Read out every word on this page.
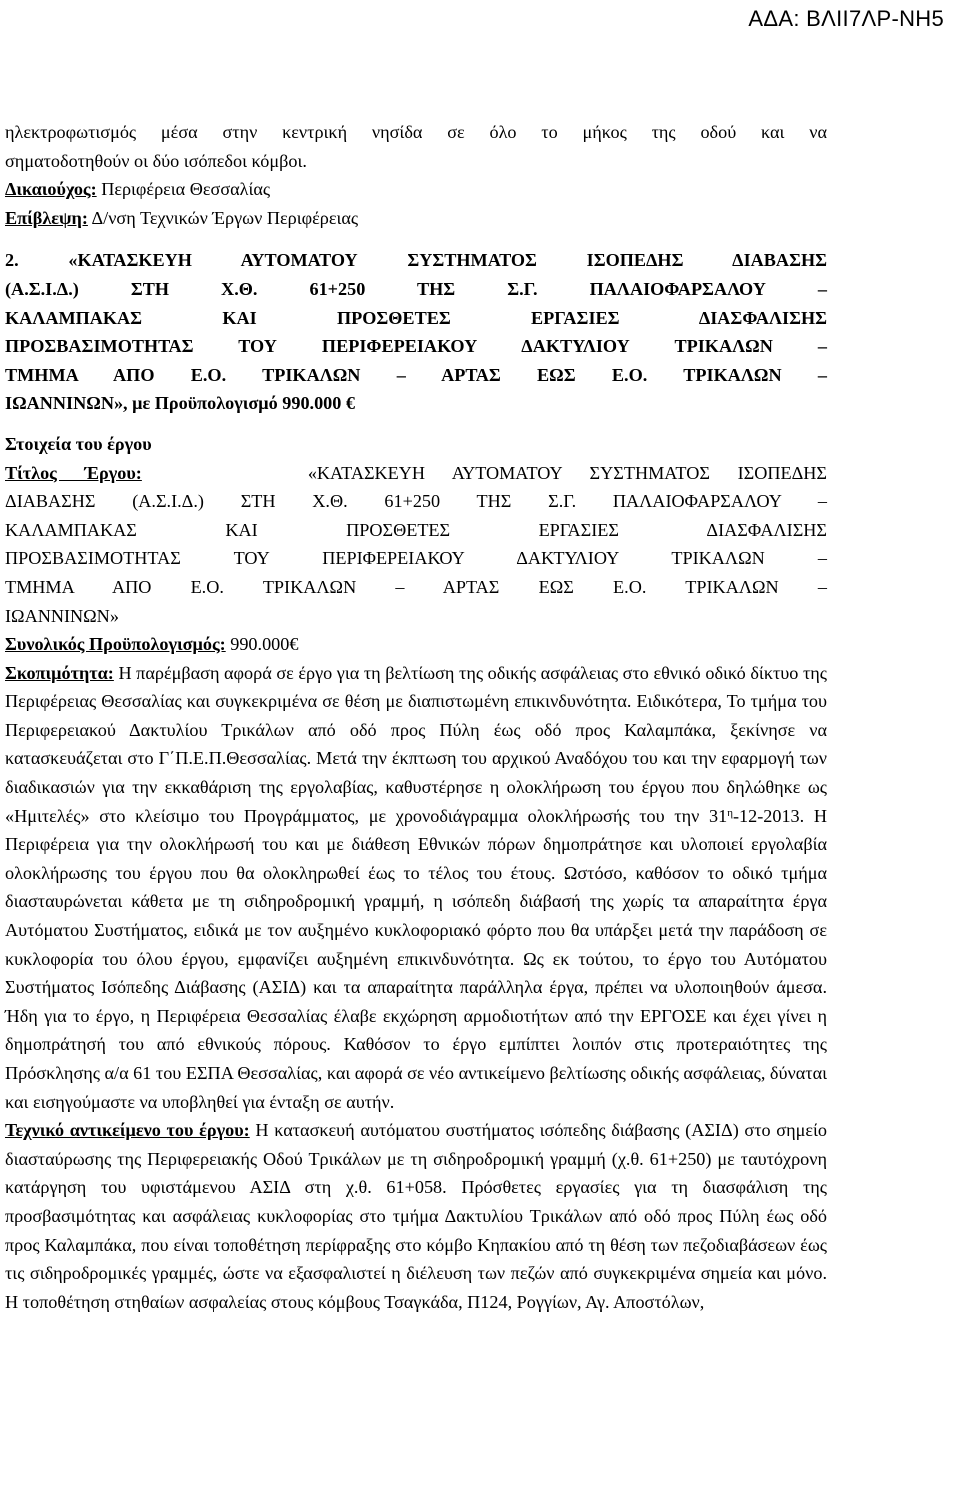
ΑΔΑ: ΒΛΙΙ7ΛΡ-ΝΗ5
ηλεκτροφωτισμός μέσα στην κεντρική νησίδα σε όλο το μήκος της οδού και να
σηματοδοτηθούν οι δύο ισόπεδοι κόμβοι.

Δικαιούχος: Περιφέρεια Θεσσαλίας

Επίβλεψη: Δ/νση Τεχνικών Έργων Περιφέρειας

2. «ΚΑΤΑΣΚΕΥΗ ΑΥΤΟΜΑΤΟΥ ΣΥΣΤΗΜΑΤΟΣ ΙΣΟΠΕΔΗΣ ΔΙΑΒΑΣΗΣ
(Α.Σ.Ι.Δ.) ΣΤΗ Χ.Θ. 61+250 ΤΗΣ Σ.Γ. ΠΑΛΑΙΟΦΑΡΣΑΛΟΥ –
ΚΑΛΑΜΠΑΚΑΣ ΚΑΙ ΠΡΟΣΘΕΤΕΣ ΕΡΓΑΣΙΕΣ ΔΙΑΣΦΑΛΙΣΗΣ
ΠΡΟΣΒΑΣΙΜΟΤΗΤΑΣ ΤΟΥ ΠΕΡΙΦΕΡΕΙΑΚΟΥ ΔΑΚΤΥΛΙΟΥ ΤΡΙΚΑΛΩΝ –
ΤΜΗΜΑ ΑΠΟ Ε.Ο. ΤΡΙΚΑΛΩΝ – ΑΡΤΑΣ ΕΩΣ Ε.Ο. ΤΡΙΚΑΛΩΝ –
ΙΩΑΝΝΙΝΩΝ», με Προϋπολογισμό 990.000 €

Στοιχεία του έργου

Τίτλος Έργου:	«ΚΑΤΑΣΚΕΥΗ ΑΥΤΟΜΑΤΟΥ ΣΥΣΤΗΜΑΤΟΣ ΙΣΟΠΕΔΗΣ
ΔΙΑΒΑΣΗΣ (Α.Σ.Ι.Δ.) ΣΤΗ Χ.Θ. 61+250 ΤΗΣ Σ.Γ. ΠΑΛΑΙΟΦΑΡΣΑΛΟΥ –
ΚΑΛΑΜΠΑΚΑΣ ΚΑΙ ΠΡΟΣΘΕΤΕΣ ΕΡΓΑΣΙΕΣ ΔΙΑΣΦΑΛΙΣΗΣ
ΠΡΟΣΒΑΣΙΜΟΤΗΤΑΣ ΤΟΥ ΠΕΡΙΦΕΡΕΙΑΚΟΥ ΔΑΚΤΥΛΙΟΥ ΤΡΙΚΑΛΩΝ –
ΤΜΗΜΑ ΑΠΟ Ε.Ο. ΤΡΙΚΑΛΩΝ – ΑΡΤΑΣ ΕΩΣ Ε.Ο. ΤΡΙΚΑΛΩΝ –
ΙΩΑΝΝΙΝΩΝ»

Συνολικός Προϋπολογισμός: 990.000€

Σκοπιμότητα: Η παρέμβαση αφορά σε έργο για τη βελτίωση της οδικής ασφάλειας στο εθνικό οδικό δίκτυο της Περιφέρειας Θεσσαλίας και συγκεκριμένα σε θέση με διαπιστωμένη επικινδυνότητα. Ειδικότερα, Το τμήμα του Περιφερειακού Δακτυλίου Τρικάλων από οδό προς Πύλη έως οδό προς Καλαμπάκα, ξεκίνησε να κατασκευάζεται στο Γ΄Π.Ε.Π.Θεσσαλίας. Μετά την έκπτωση του αρχικού Αναδόχου του και την εφαρμογή των διαδικασιών για την εκκαθάριση της εργολαβίας, καθυστέρησε η ολοκλήρωση του έργου που δηλώθηκε ως «Ημιτελές» στο κλείσιμο του Προγράμματος, με χρονοδιάγραμμα ολοκλήρωσής του την $31^\eta-12-2013$. Η Περιφέρεια για την ολοκλήρωσή του και με διάθεση Εθνικών πόρων δημοπράτησε και υλοποιεί εργολαβία ολοκλήρωσης του έργου που θα ολοκληρωθεί έως το τέλος του έτους. Ωστόσο, καθόσον το οδικό τμήμα διασταυρώνεται κάθετα με τη σιδηροδρομική γραμμή, η ισόπεδη διάβασή της χωρίς τα απαραίτητα έργα Αυτόματου Συστήματος, ειδικά με τον αυξημένο κυκλοφοριακό φόρτο που θα υπάρξει μετά την παράδοση σε κυκλοφορία του όλου έργου, εμφανίζει αυξημένη επικινδυνότητα. Ως εκ τούτου, το έργο του Αυτόματου Συστήματος Ισόπεδης Διάβασης (ΑΣΙΔ) και τα απαραίτητα παράλληλα έργα, πρέπει να υλοποιηθούν άμεσα. Ήδη για το έργο, η Περιφέρεια Θεσσαλίας έλαβε εκχώρηση αρμοδιοτήτων από την ΕΡΓΟΣΕ και έχει γίνει η δημοπράτησή του από εθνικούς πόρους. Καθόσον το έργο εμπίπτει λοιπόν στις προτεραιότητες της Πρόσκλησης α/α 61 του ΕΣΠΑ Θεσσαλίας, και αφορά σε νέο αντικείμενο βελτίωσης οδικής ασφάλειας, δύναται και εισηγούμαστε να υποβληθεί για ένταξη σε αυτήν.

Τεχνικό αντικείμενο του έργου: Η κατασκευή αυτόματου συστήματος ισόπεδης διάβασης (ΑΣΙΔ) στο σημείο διασταύρωσης της Περιφερειακής Οδού Τρικάλων με τη σιδηροδρομική γραμμή (χ.θ. 61+250) με ταυτόχρονη κατάργηση του υφιστάμενου ΑΣΙΔ στη χ.θ. 61+058. Πρόσθετες εργασίες για τη διασφάλιση της προσβασιμότητας και ασφάλειας κυκλοφορίας στο τμήμα Δακτυλίου Τρικάλων από οδό προς Πύλη έως οδό προς Καλαμπάκα, που είναι τοποθέτηση περίφραξης στο κόμβο Κηπακίου από τη θέση των πεζοδιαβάσεων έως τις σιδηροδρομικές γραμμές, ώστε να εξασφαλιστεί η διέλευση των πεζών από συγκεκριμένα σημεία και μόνο. Η τοποθέτηση στηθαίων ασφαλείας στους κόμβους Τσαγκάδα, Π124, Ρογγίων, Αγ. Αποστόλων,
